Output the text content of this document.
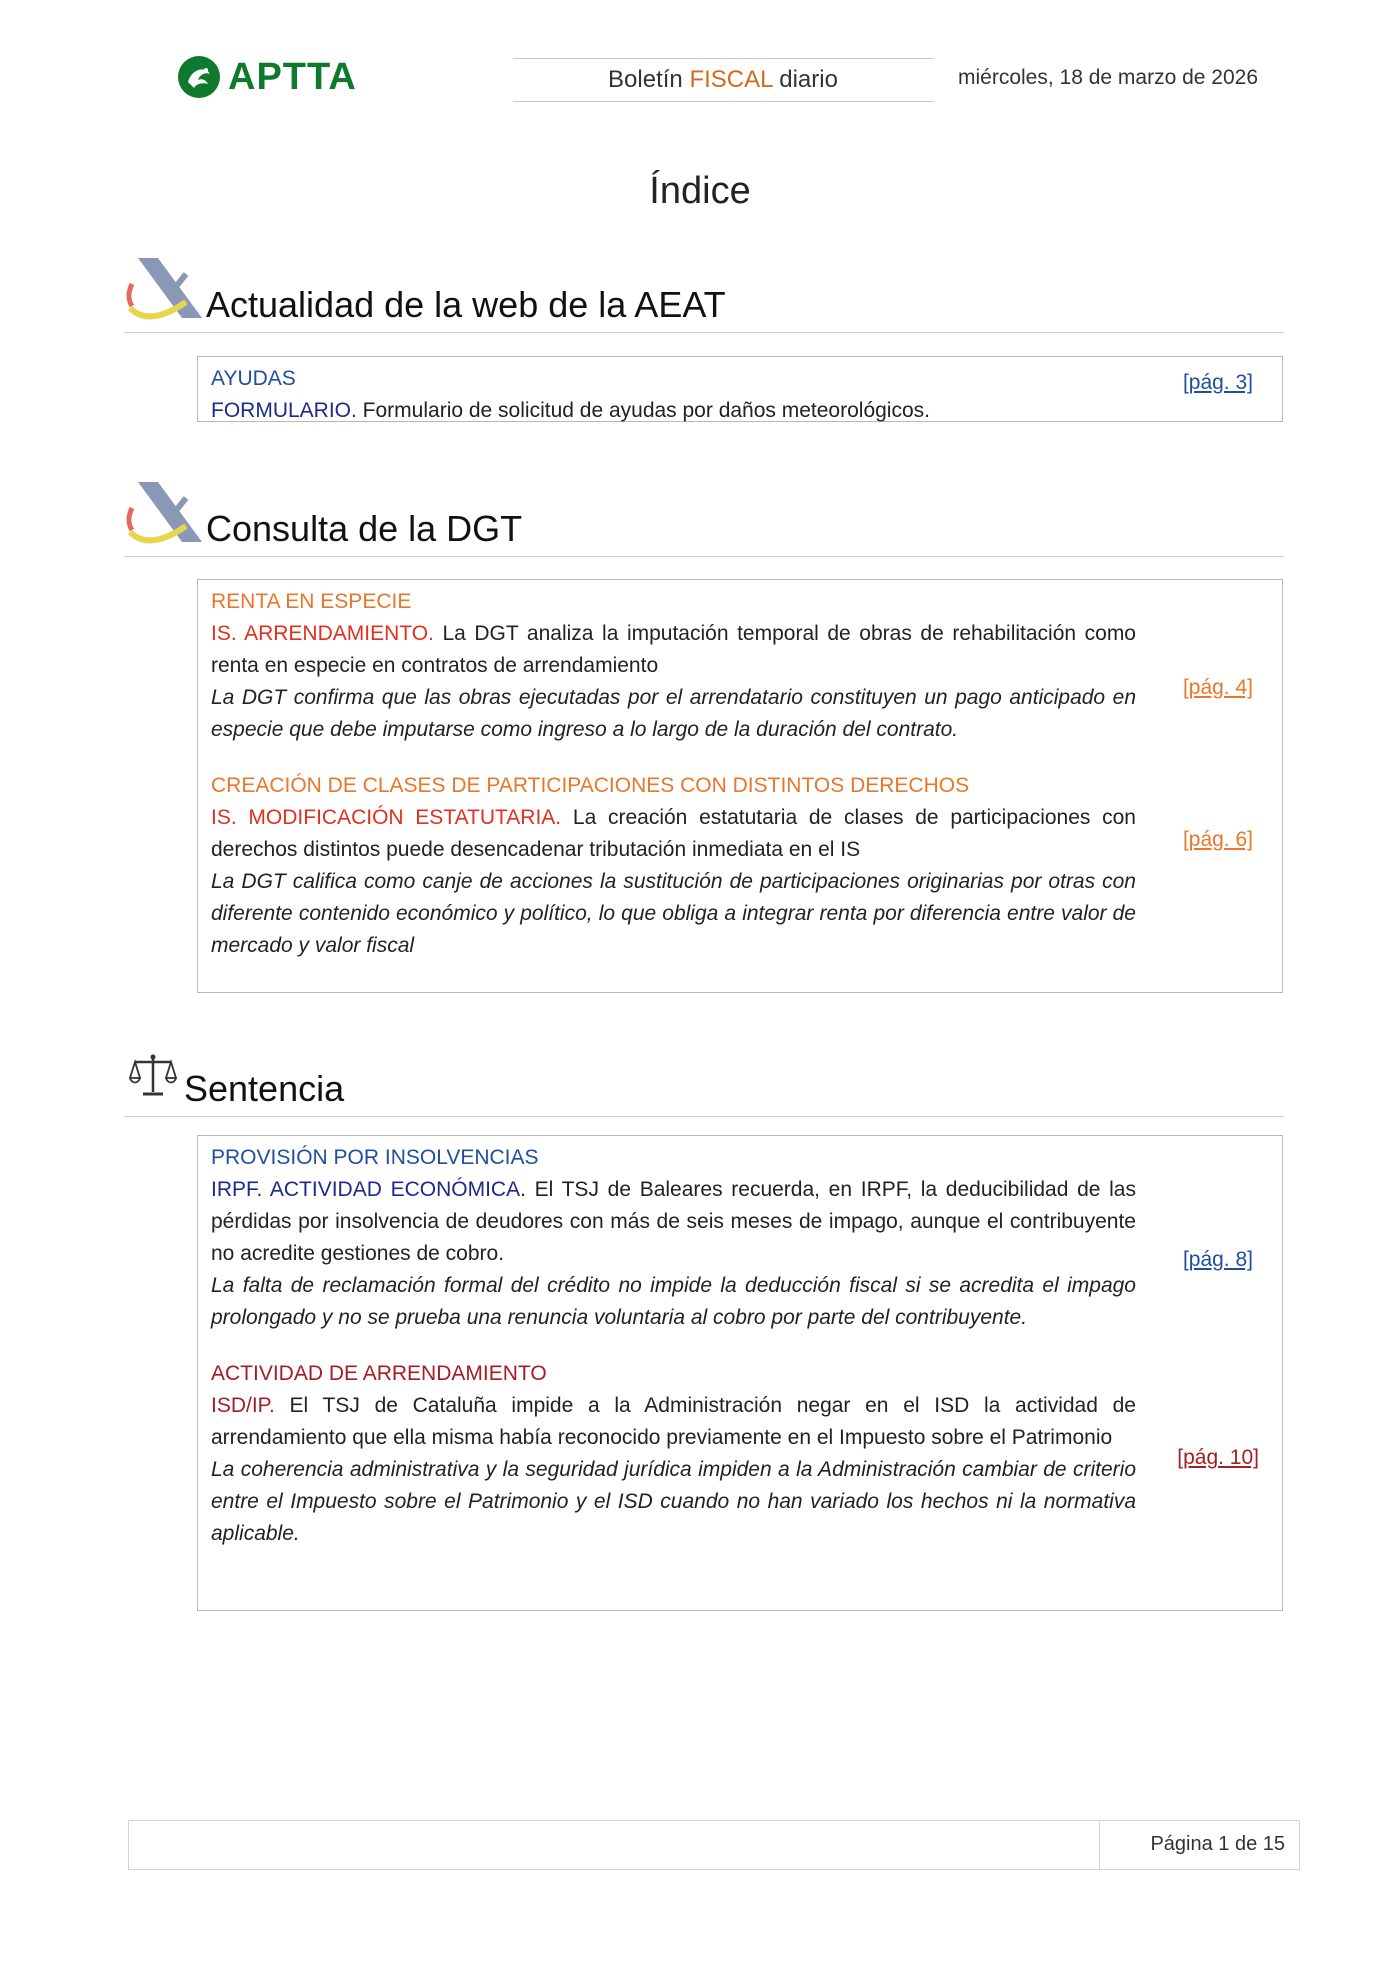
APTTA	Boletín FISCAL diario	miércoles, 18 de marzo de 2026
Índice
Actualidad de la web de la AEAT
AYUDAS
FORMULARIO. Formulario de solicitud de ayudas por daños meteorológicos.
[pág. 3]
Consulta de la DGT
RENTA EN ESPECIE
IS. ARRENDAMIENTO. La DGT analiza la imputación temporal de obras de rehabilitación como renta en especie en contratos de arrendamiento
La DGT confirma que las obras ejecutadas por el arrendatario constituyen un pago anticipado en especie que debe imputarse como ingreso a lo largo de la duración del contrato.
[pág. 4]
CREACIÓN DE CLASES DE PARTICIPACIONES CON DISTINTOS DERECHOS
IS. MODIFICACIÓN ESTATUTARIA. La creación estatutaria de clases de participaciones con derechos distintos puede desencadenar tributación inmediata en el IS
La DGT califica como canje de acciones la sustitución de participaciones originarias por otras con diferente contenido económico y político, lo que obliga a integrar renta por diferencia entre valor de mercado y valor fiscal
[pág. 6]
Sentencia
PROVISIÓN POR INSOLVENCIAS
IRPF. ACTIVIDAD ECONÓMICA. El TSJ de Baleares recuerda, en IRPF, la deducibilidad de las pérdidas por insolvencia de deudores con más de seis meses de impago, aunque el contribuyente no acredite gestiones de cobro.
La falta de reclamación formal del crédito no impide la deducción fiscal si se acredita el impago prolongado y no se prueba una renuncia voluntaria al cobro por parte del contribuyente.
[pág. 8]
ACTIVIDAD DE ARRENDAMIENTO
ISD/IP. El TSJ de Cataluña impide a la Administración negar en el ISD la actividad de arrendamiento que ella misma había reconocido previamente en el Impuesto sobre el Patrimonio
La coherencia administrativa y la seguridad jurídica impiden a la Administración cambiar de criterio entre el Impuesto sobre el Patrimonio y el ISD cuando no han variado los hechos ni la normativa aplicable.
[pág. 10]
Página 1 de 15
